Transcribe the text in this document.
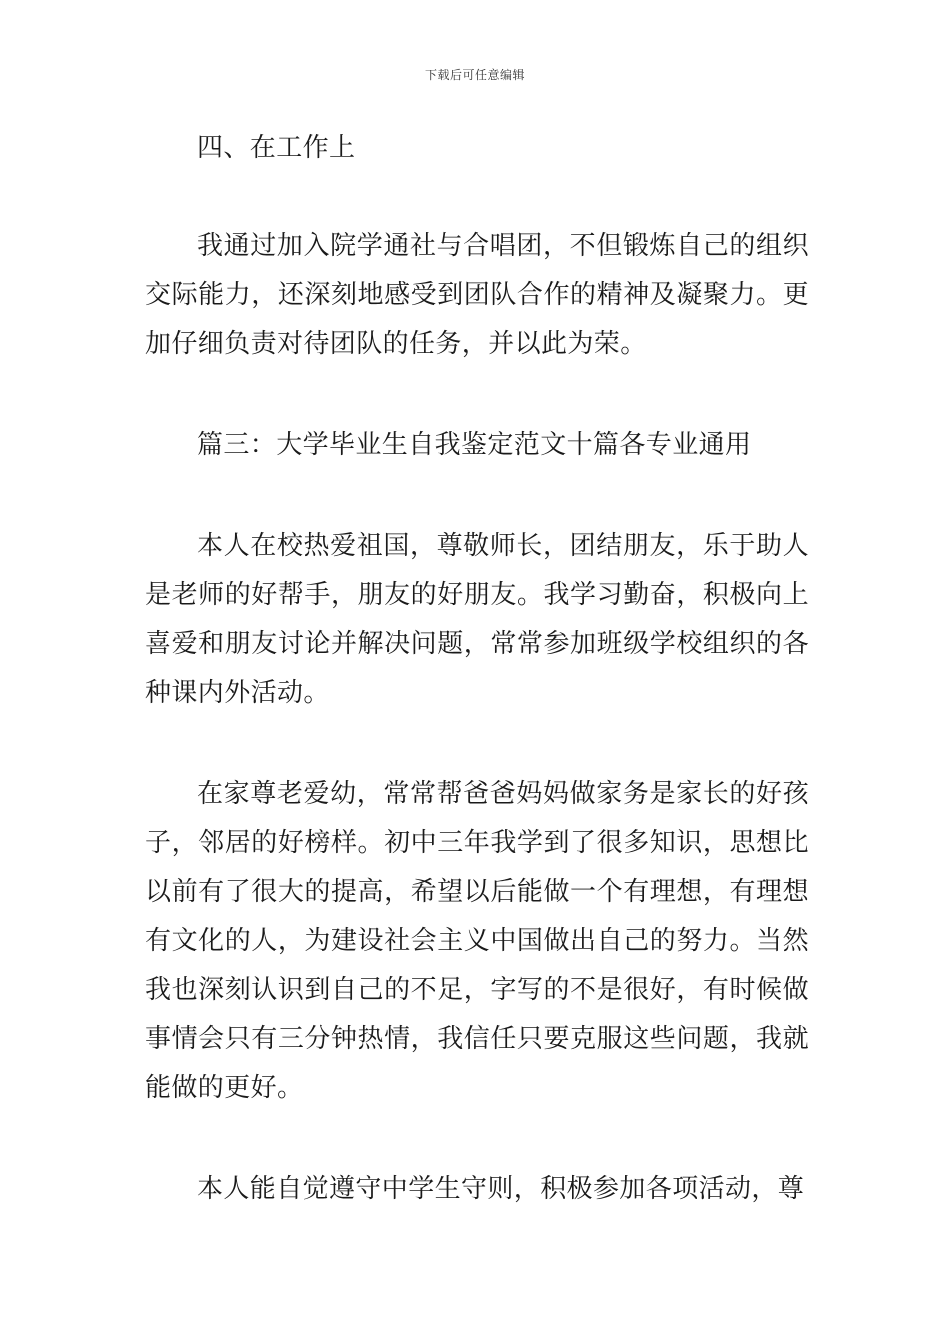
下载后可任意编辑

四、在工作上

我通过加入院学通社与合唱团，不但锻炼自己的组织交际能力，还深刻地感受到团队合作的精神及凝聚力。更加仔细负责对待团队的任务，并以此为荣。

篇三：大学毕业生自我鉴定范文十篇各专业通用

本人在校热爱祖国，尊敬师长，团结朋友，乐于助人是老师的好帮手，朋友的好朋友。我学习勤奋，积极向上喜爱和朋友讨论并解决问题，常常参加班级学校组织的各种课内外活动。

在家尊老爱幼，常常帮爸爸妈妈做家务是家长的好孩子，邻居的好榜样。初中三年我学到了很多知识，思想比以前有了很大的提高，希望以后能做一个有理想，有理想有文化的人，为建设社会主义中国做出自己的努力。当然我也深刻认识到自己的不足，字写的不是很好，有时候做事情会只有三分钟热情，我信任只要克服这些问题，我就能做的更好。

本人能自觉遵守中学生守则，积极参加各项活动，尊
